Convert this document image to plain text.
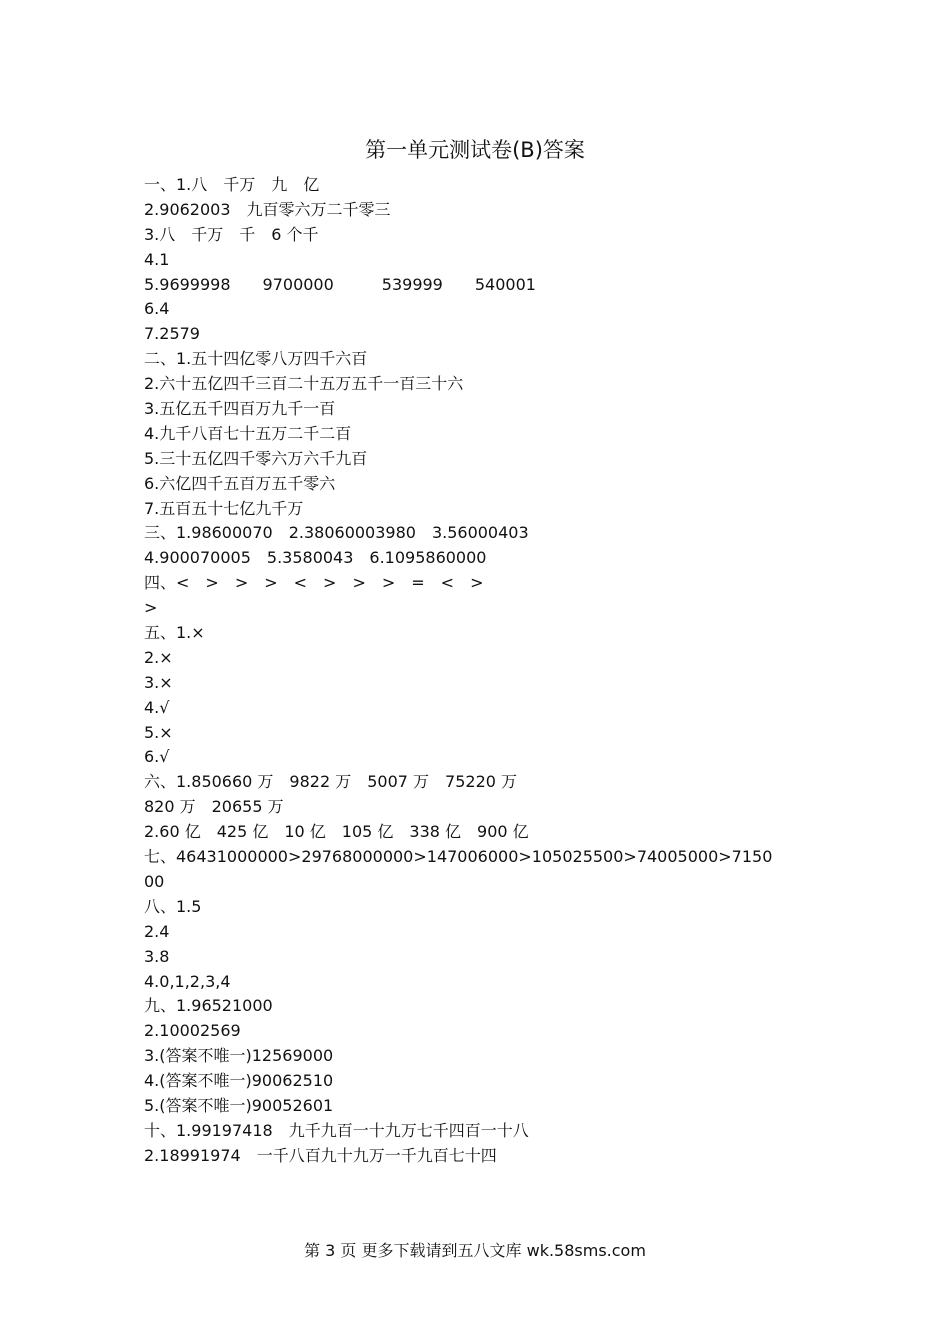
第一单元测试卷(B)答案
一、1.八　千万　九　亿
2.9062003　九百零六万二千零三
3.八　千万　千　6 个千
4.1
5.9699998　　9700000　　　539999　　540001
6.4
7.2579
二、1.五十四亿零八万四千六百
2.六十五亿四千三百二十五万五千一百三十六
3.五亿五千四百万九千一百
4.九千八百七十五万二千二百
5.三十五亿四千零六万六千九百
6.六亿四千五百万五千零六
7.五百五十七亿九千万
三、1.98600070　2.38060003980　3.56000403
4.900070005　5.3580043　6.1095860000
四、<　>　>　>　<　>　>　>　=　<　>
>
五、1.×
2.×
3.×
4.√
5.×
6.√
六、1.850660 万　9822 万　5007 万　75220 万
820 万　20655 万
2.60 亿　425 亿　10 亿　105 亿　338 亿　900 亿
七、46431000000>29768000000>147006000>105025500>74005000>7150
00
八、1.5
2.4
3.8
4.0,1,2,3,4
九、1.96521000
2.10002569
3.(答案不唯一)12569000
4.(答案不唯一)90062510
5.(答案不唯一)90052601
十、1.99197418　九千九百一十九万七千四百一十八
2.18991974　一千八百九十九万一千九百七十四
第 3 页 更多下载请到五八文库 wk.58sms.com
